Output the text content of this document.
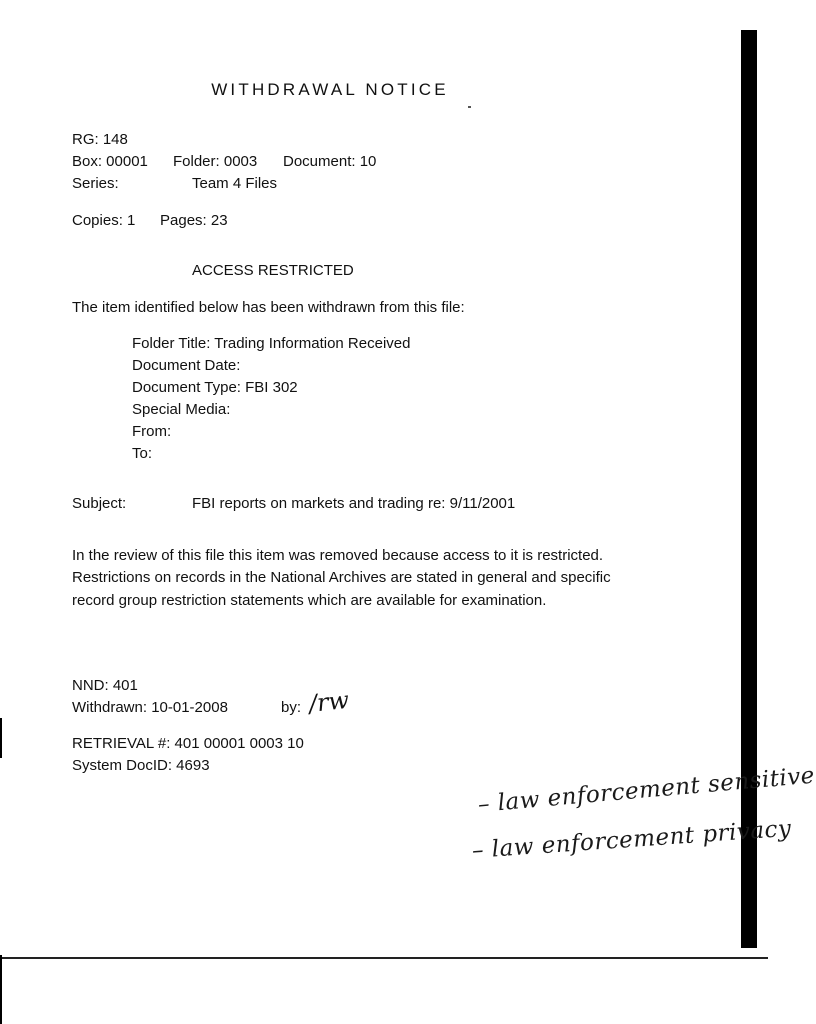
WITHDRAWAL NOTICE
RG: 148
Box: 00001 Folder: 0003 Document: 10
Series:	Team 4 Files
Copies: 1 Pages: 23
ACCESS RESTRICTED
The item identified below has been withdrawn from this file:
Folder Title: Trading Information Received
Document Date:
Document Type: FBI 302
Special Media:
From:
To:
Subject:	FBI reports on markets and trading re: 9/11/2001
In the review of this file this item was removed because access to it is restricted. Restrictions on records in the National Archives are stated in general and specific record group restriction statements which are available for examination.
NND: 401
Withdrawn: 10-01-2008	by: /rw
RETRIEVAL #: 401 00001 0003 10
System DocID: 4693	– law enforcement sensitive
– law enforcement privacy
